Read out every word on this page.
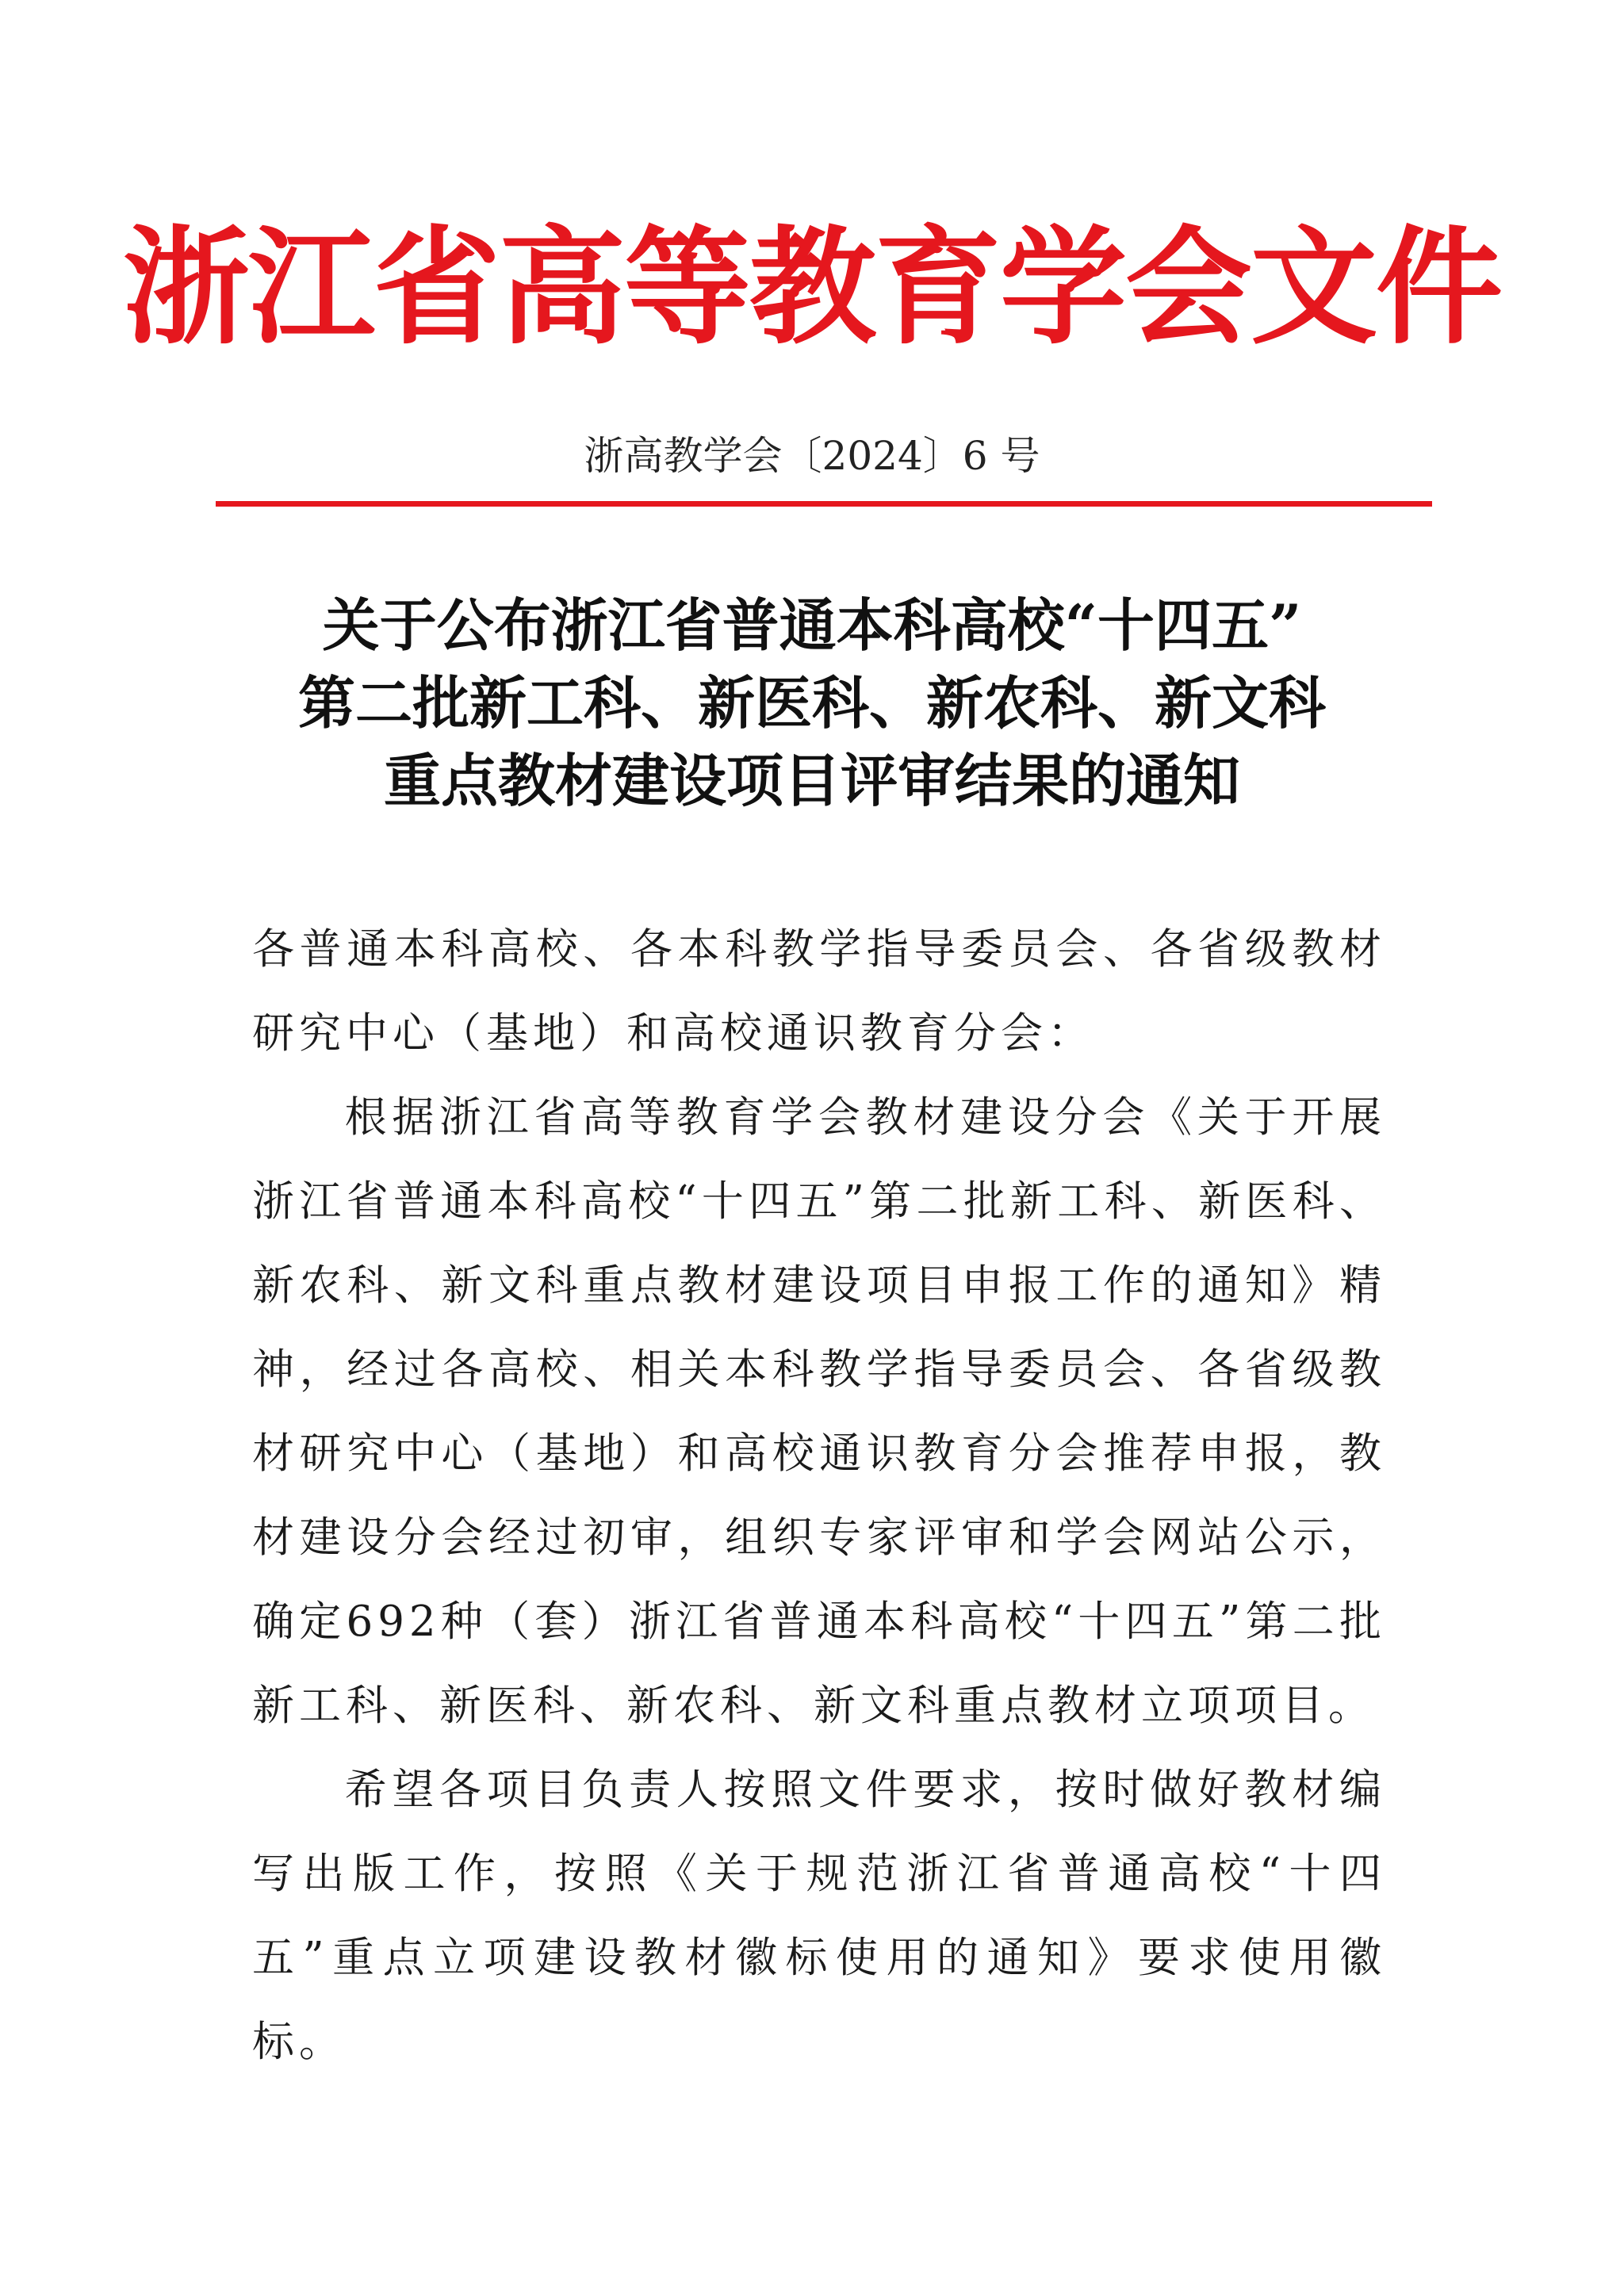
浙江省高等教育学会文件
浙高教学会〔2024〕6 号
关于公布浙江省普通本科高校“十四五”
第二批新工科、新医科、新农科、新文科
重点教材建设项目评审结果的通知

各普通本科高校、各本科教学指导委员会、各省级教材研究中心（基地）和高校通识教育分会：

根据浙江省高等教育学会教材建设分会《关于开展浙江省普通本科高校“十四五”第二批新工科、新医科、新农科、新文科重点教材建设项目申报工作的通知》精神，经过各高校、相关本科教学指导委员会、各省级教材研究中心（基地）和高校通识教育分会推荐申报，教材建设分会经过初审，组织专家评审和学会网站公示，确定692种（套）浙江省普通本科高校“十四五”第二批新工科、新医科、新农科、新文科重点教材立项项目。

希望各项目负责人按照文件要求，按时做好教材编写出版工作，按照《关于规范浙江省普通高校“十四五”重点立项建设教材徽标使用的通知》要求使用徽标。
